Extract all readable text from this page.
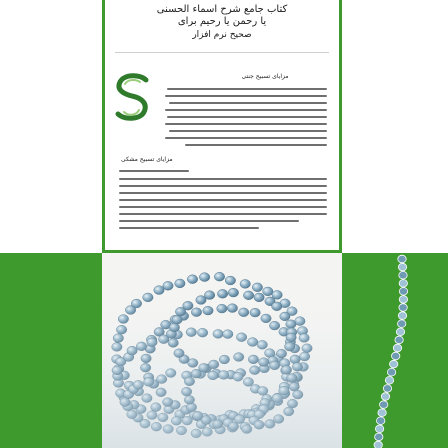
کتاب جامع شرح اسماء الحسنی
یا رحمن یا رحیم برای
صحیح نرم افزار
مزایای تسبیح جنتی
مزایای تسبیح مشکی
